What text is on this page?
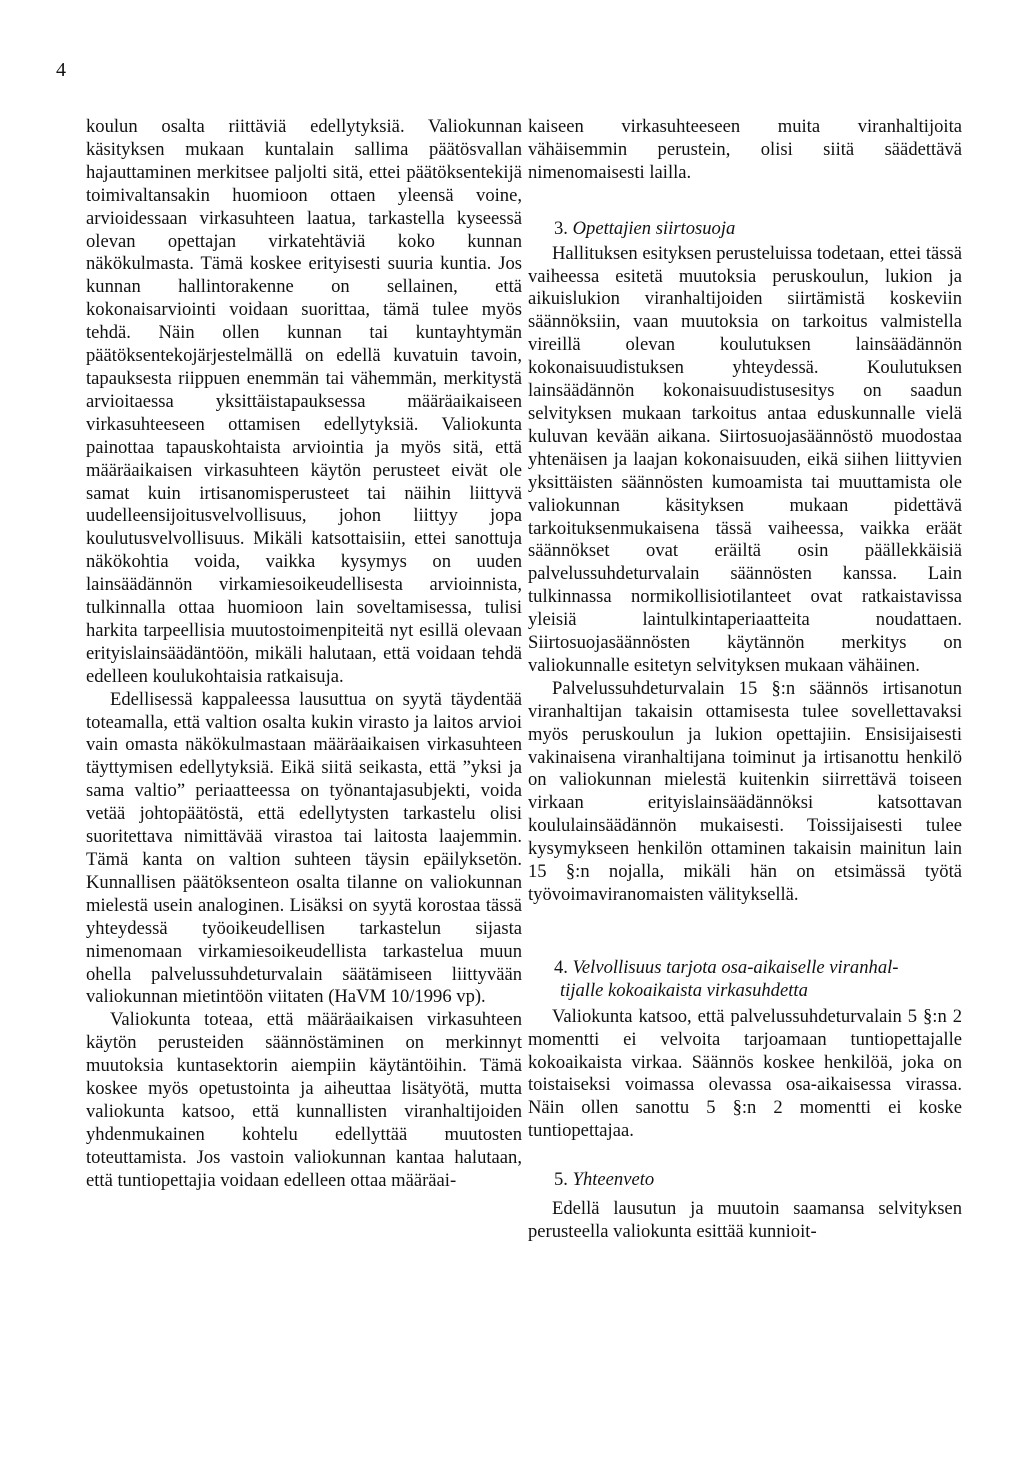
4

koulun osalta riittäviä edellytyksiä. Valiokunnan käsityksen mukaan kuntalain sallima päätösvallan hajauttaminen merkitsee paljolti sitä, ettei päätöksentekijä toimivaltansakin huomioon ottaen yleensä voine, arvioidessaan virkasuhteen laatua, tarkastella kyseessä olevan opettajan virkatehtäviä koko kunnan näkökulmasta. Tämä koskee erityisesti suuria kuntia. Jos kunnan hallintorakenne on sellainen, että kokonaisarviointi voidaan suorittaa, tämä tulee myös tehdä. Näin ollen kunnan tai kuntayhtymän päätöksentekojärjestelmällä on edellä kuvatuin tavoin, tapauksesta riippuen enemmän tai vähemmän, merkitystä arvioitaessa yksittäistapauksessa määräaikaiseen virkasuhteeseen ottamisen edellytyksiä. Valiokunta painottaa tapauskohtaista arviointia ja myös sitä, että määräaikaisen virkasuhteen käytön perusteet eivät ole samat kuin irtisanomisperusteet tai näihin liittyvä uudelleensijoitusvelvollisuus, johon liittyy jopa koulutusvelvollisuus. Mikäli katsottaisiin, ettei sanottuja näkökohtia voida, vaikka kysymys on uuden lainsäädännön virkamiesoikeudellisesta arvioinnista, tulkinnalla ottaa huomioon lain soveltamisessa, tulisi harkita tarpeellisia muutostoimenpiteitä nyt esillä olevaan erityislainsäädäntöön, mikäli halutaan, että voidaan tehdä edelleen koulukohtaisia ratkaisuja.

Edellisessä kappaleessa lausuttua on syytä täydentää toteamalla, että valtion osalta kukin virasto ja laitos arvioi vain omasta näkökulmastaan määräaikaisen virkasuhteen täyttymisen edellytyksiä. Eikä siitä seikasta, että ”yksi ja sama valtio” periaatteessa on työnantajasubjekti, voida vetää johtopäätöstä, että edellytysten tarkastelu olisi suoritettava nimittävää virastoa tai laitosta laajemmin. Tämä kanta on valtion suhteen täysin epäilyksetön. Kunnallisen päätöksenteon osalta tilanne on valiokunnan mielestä usein analoginen. Lisäksi on syytä korostaa tässä yhteydessä työoikeudellisen tarkastelun sijasta nimenomaan virkamiesoikeudellista tarkastelua muun ohella palvelussuhdeturvalain säätämiseen liittyvään valiokunnan mietintöön viitaten (HaVM 10/1996 vp).

Valiokunta toteaa, että määräaikaisen virkasuhteen käytön perusteiden säännöstäminen on merkinnyt muutoksia kuntasektorin aiempiin käytäntöihin. Tämä koskee myös opetustointa ja aiheuttaa lisätyötä, mutta valiokunta katsoo, että kunnallisten viranhaltijoiden yhdenmukainen kohtelu edellyttää muutosten toteuttamista. Jos vastoin valiokunnan kantaa halutaan, että tuntiopettajia voidaan edelleen ottaa määräai-

kaiseen virkasuhteeseen muita viranhaltijoita vähäisemmin perustein, olisi siitä säädettävä nimenomaisesti lailla.

3. Opettajien siirtosuoja

Hallituksen esityksen perusteluissa todetaan, ettei tässä vaiheessa esitetä muutoksia peruskoulun, lukion ja aikuislukion viranhaltijoiden siirtämistä koskeviin säännöksiin, vaan muutoksia on tarkoitus valmistella vireillä olevan koulutuksen lainsäädännön kokonaisuudistuksen yhteydessä. Koulutuksen lainsäädännön kokonaisuudistusesitys on saadun selvityksen mukaan tarkoitus antaa eduskunnalle vielä kuluvan kevään aikana. Siirtosuojasäännöstö muodostaa yhtenäisen ja laajan kokonaisuuden, eikä siihen liittyvien yksittäisten säännösten kumoamista tai muuttamista ole valiokunnan käsityksen mukaan pidettävä tarkoituksenmukaisena tässä vaiheessa, vaikka eräät säännökset ovat eräiltä osin päällekkäisiä palvelussuhdeturvalain säännösten kanssa. Lain tulkinnassa normikollisiotilanteet ovat ratkaistavissa yleisiä laintulkintaperiaatteita noudattaen. Siirtosuojasäännösten käytännön merkitys on valiokunnalle esitetyn selvityksen mukaan vähäinen.

Palvelussuhdeturvalain 15 §:n säännös irtisanotun viranhaltijan takaisin ottamisesta tulee sovellettavaksi myös peruskoulun ja lukion opettajiin. Ensisijaisesti vakinaisena viranhaltijana toiminut ja irtisanottu henkilö on valiokunnan mielestä kuitenkin siirrettävä toiseen virkaan erityislainsäädännöksi katsottavan koululainsäädännön mukaisesti. Toissijaisesti tulee kysymykseen henkilön ottaminen takaisin mainitun lain 15 §:n nojalla, mikäli hän on etsimässä työtä työvoimaviranomaisten välityksellä.

4. Velvollisuus tarjota osa-aikaiselle viranhal-
tijalle kokoaikaista virkasuhdetta

Valiokunta katsoo, että palvelussuhdeturvalain 5 §:n 2 momentti ei velvoita tarjoamaan tuntiopettajalle kokoaikaista virkaa. Säännös koskee henkilöä, joka on toistaiseksi voimassa olevassa osa-aikaisessa virassa. Näin ollen sanottu 5 §:n 2 momentti ei koske tuntiopettajaa.

5. Yhteenveto

Edellä lausutun ja muutoin saamansa selvityksen perusteella valiokunta esittää kunnioit-
